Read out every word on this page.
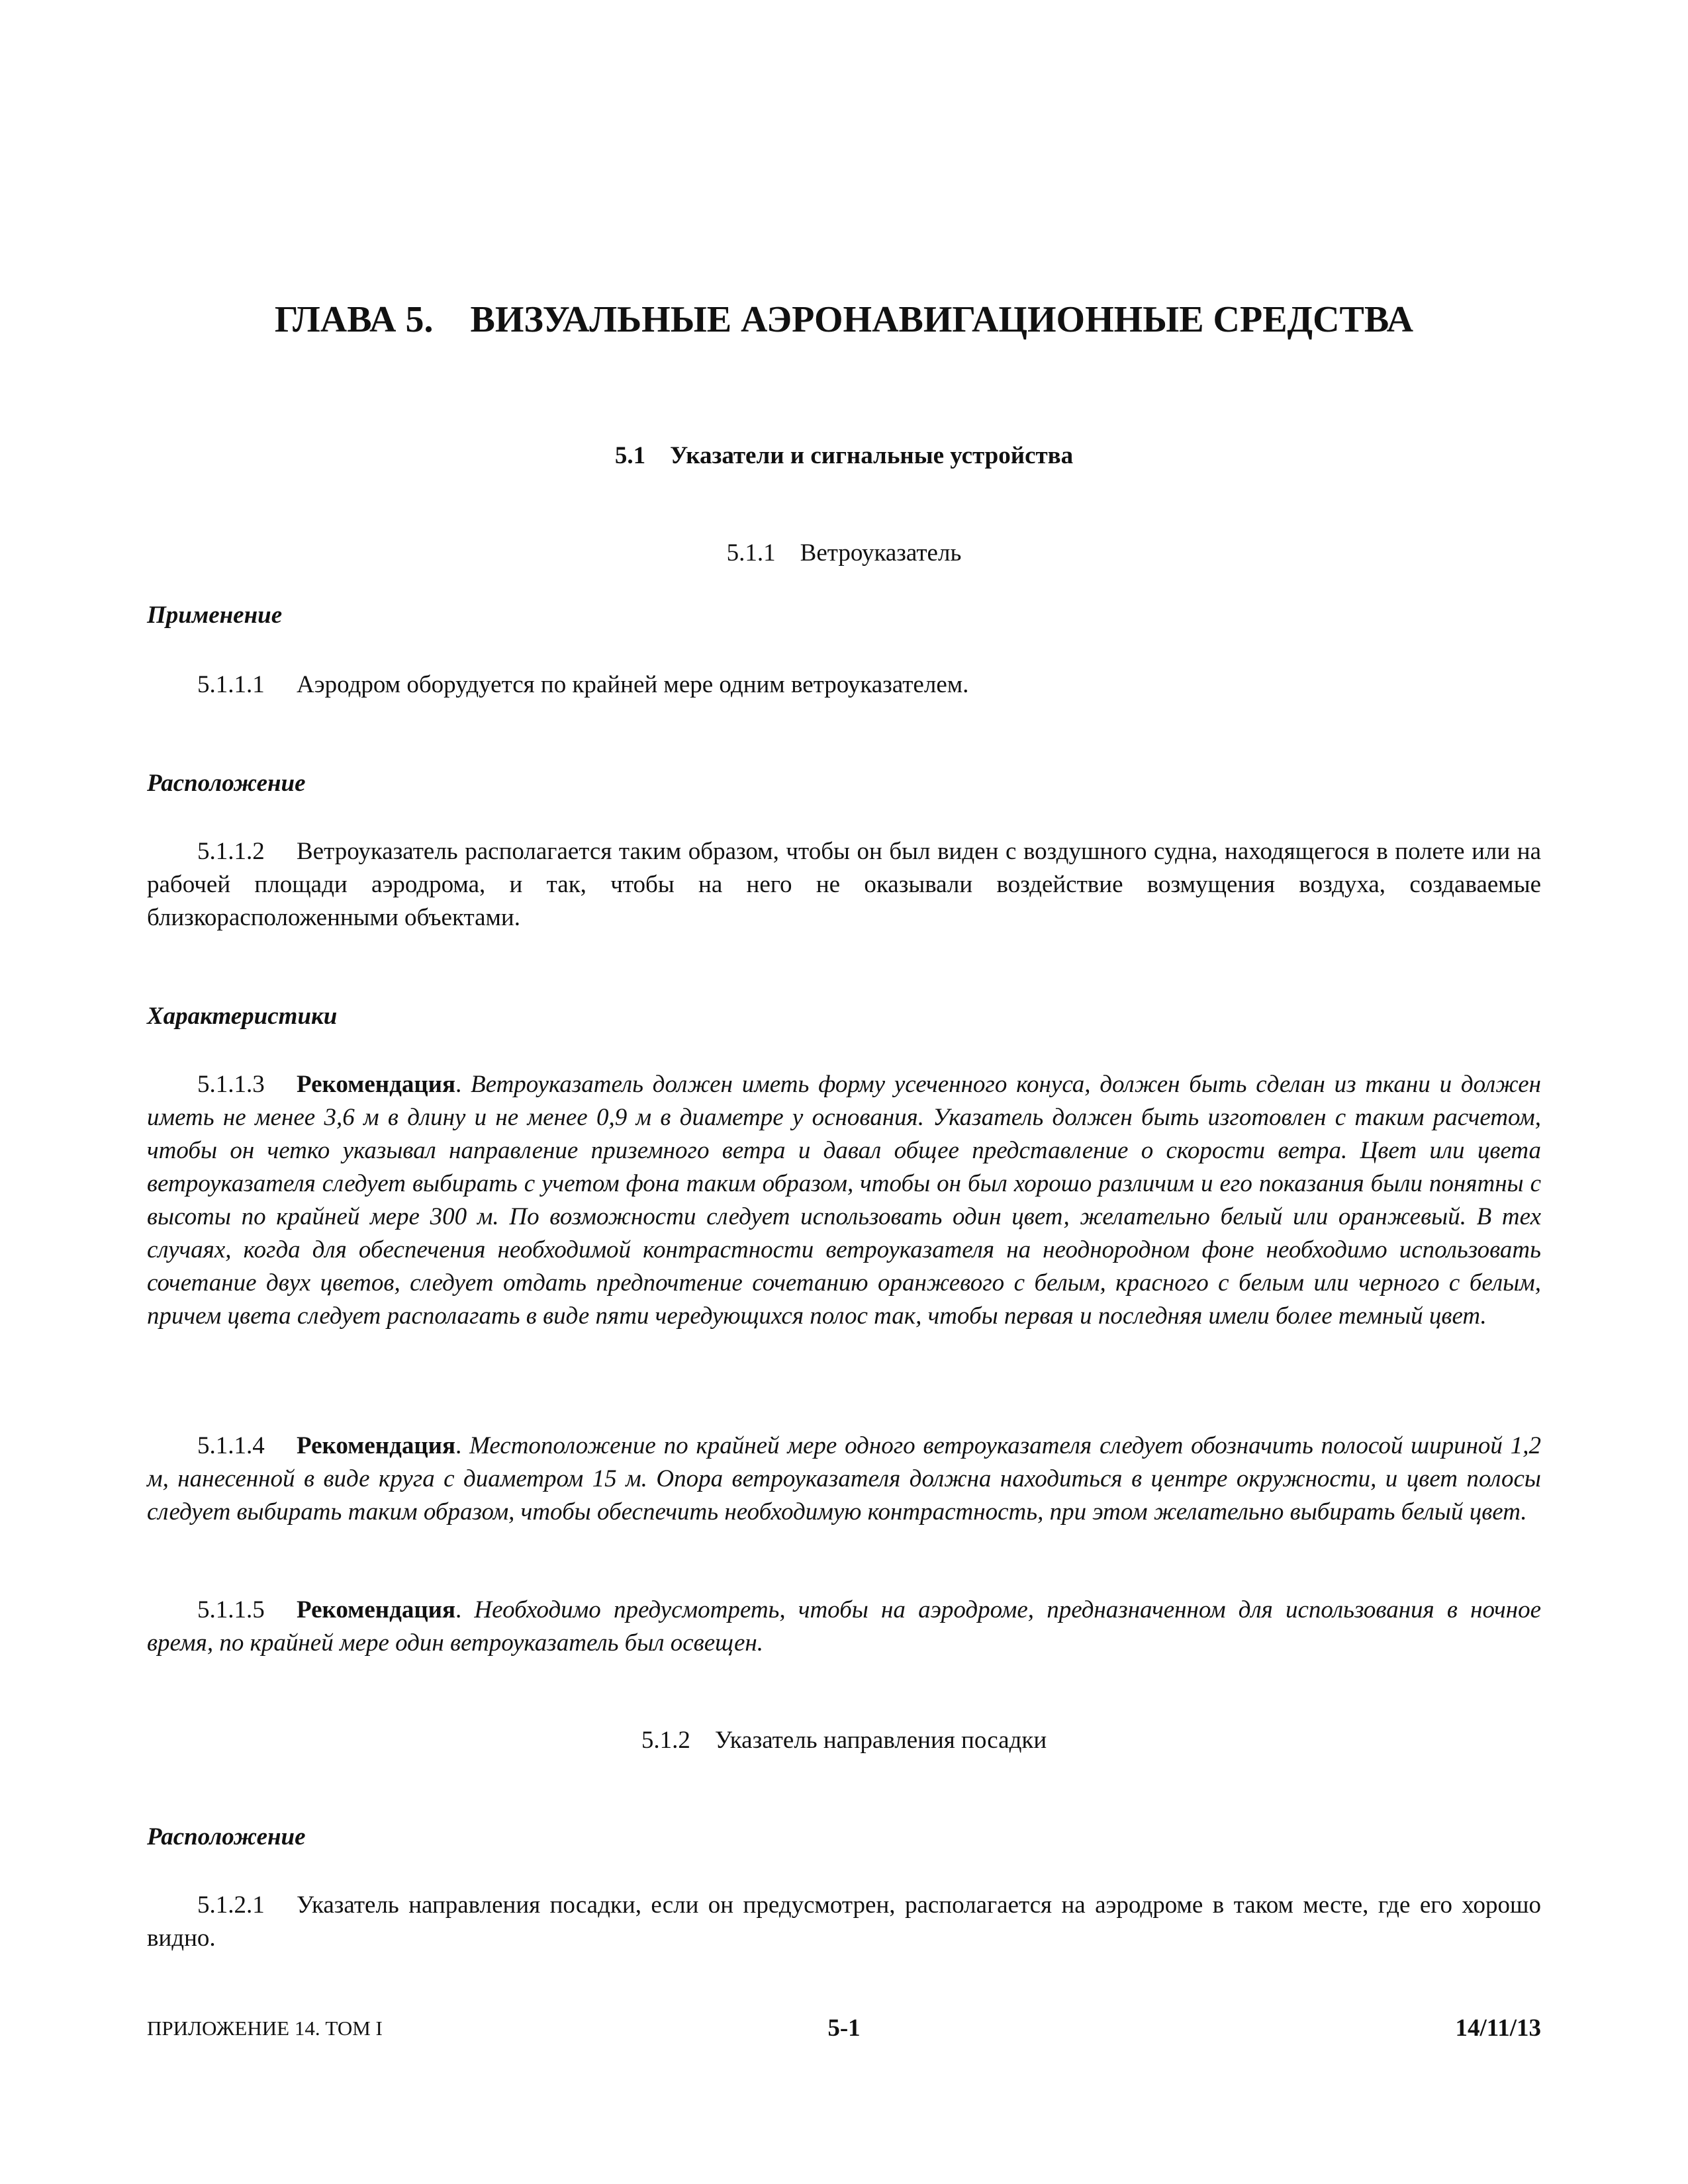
ГЛАВА 5.    ВИЗУАЛЬНЫЕ АЭРОНАВИГАЦИОННЫЕ СРЕДСТВА
5.1    Указатели и сигнальные устройства
5.1.1    Ветроуказатель
Применение
5.1.1.1 Аэродром оборудуется по крайней мере одним ветроуказателем.
Расположение
5.1.1.2 Ветроуказатель располагается таким образом, чтобы он был виден с воздушного судна, находящегося в полете или на рабочей площади аэродрома, и так, чтобы на него не оказывали воздействие возмущения воздуха, создаваемые близкорасположенными объектами.
Характеристики
5.1.1.3 Рекомендация. Ветроуказатель должен иметь форму усеченного конуса, должен быть сделан из ткани и должен иметь не менее 3,6 м в длину и не менее 0,9 м в диаметре у основания. Указатель должен быть изготовлен с таким расчетом, чтобы он четко указывал направление приземного ветра и давал общее представление о скорости ветра. Цвет или цвета ветроуказателя следует выбирать с учетом фона таким образом, чтобы он был хорошо различим и его показания были понятны с высоты по крайней мере 300 м. По возможности следует использовать один цвет, желательно белый или оранжевый. В тех случаях, когда для обеспечения необходимой контрастности ветроуказателя на неоднородном фоне необходимо использовать сочетание двух цветов, следует отдать предпочтение сочетанию оранжевого с белым, красного с белым или черного с белым, причем цвета следует располагать в виде пяти чередующихся полос так, чтобы первая и последняя имели более темный цвет.
5.1.1.4 Рекомендация. Местоположение по крайней мере одного ветроуказателя следует обозначить полосой шириной 1,2 м, нанесенной в виде круга с диаметром 15 м. Опора ветроуказателя должна находиться в центре окружности, и цвет полосы следует выбирать таким образом, чтобы обеспечить необходимую контрастность, при этом желательно выбирать белый цвет.
5.1.1.5 Рекомендация. Необходимо предусмотреть, чтобы на аэродроме, предназначенном для использования в ночное время, по крайней мере один ветроуказатель был освещен.
5.1.2    Указатель направления посадки
Расположение
5.1.2.1 Указатель направления посадки, если он предусмотрен, располагается на аэродроме в таком месте, где его хорошо видно.
ПРИЛОЖЕНИЕ 14. ТОМ I	5-1	14/11/13
